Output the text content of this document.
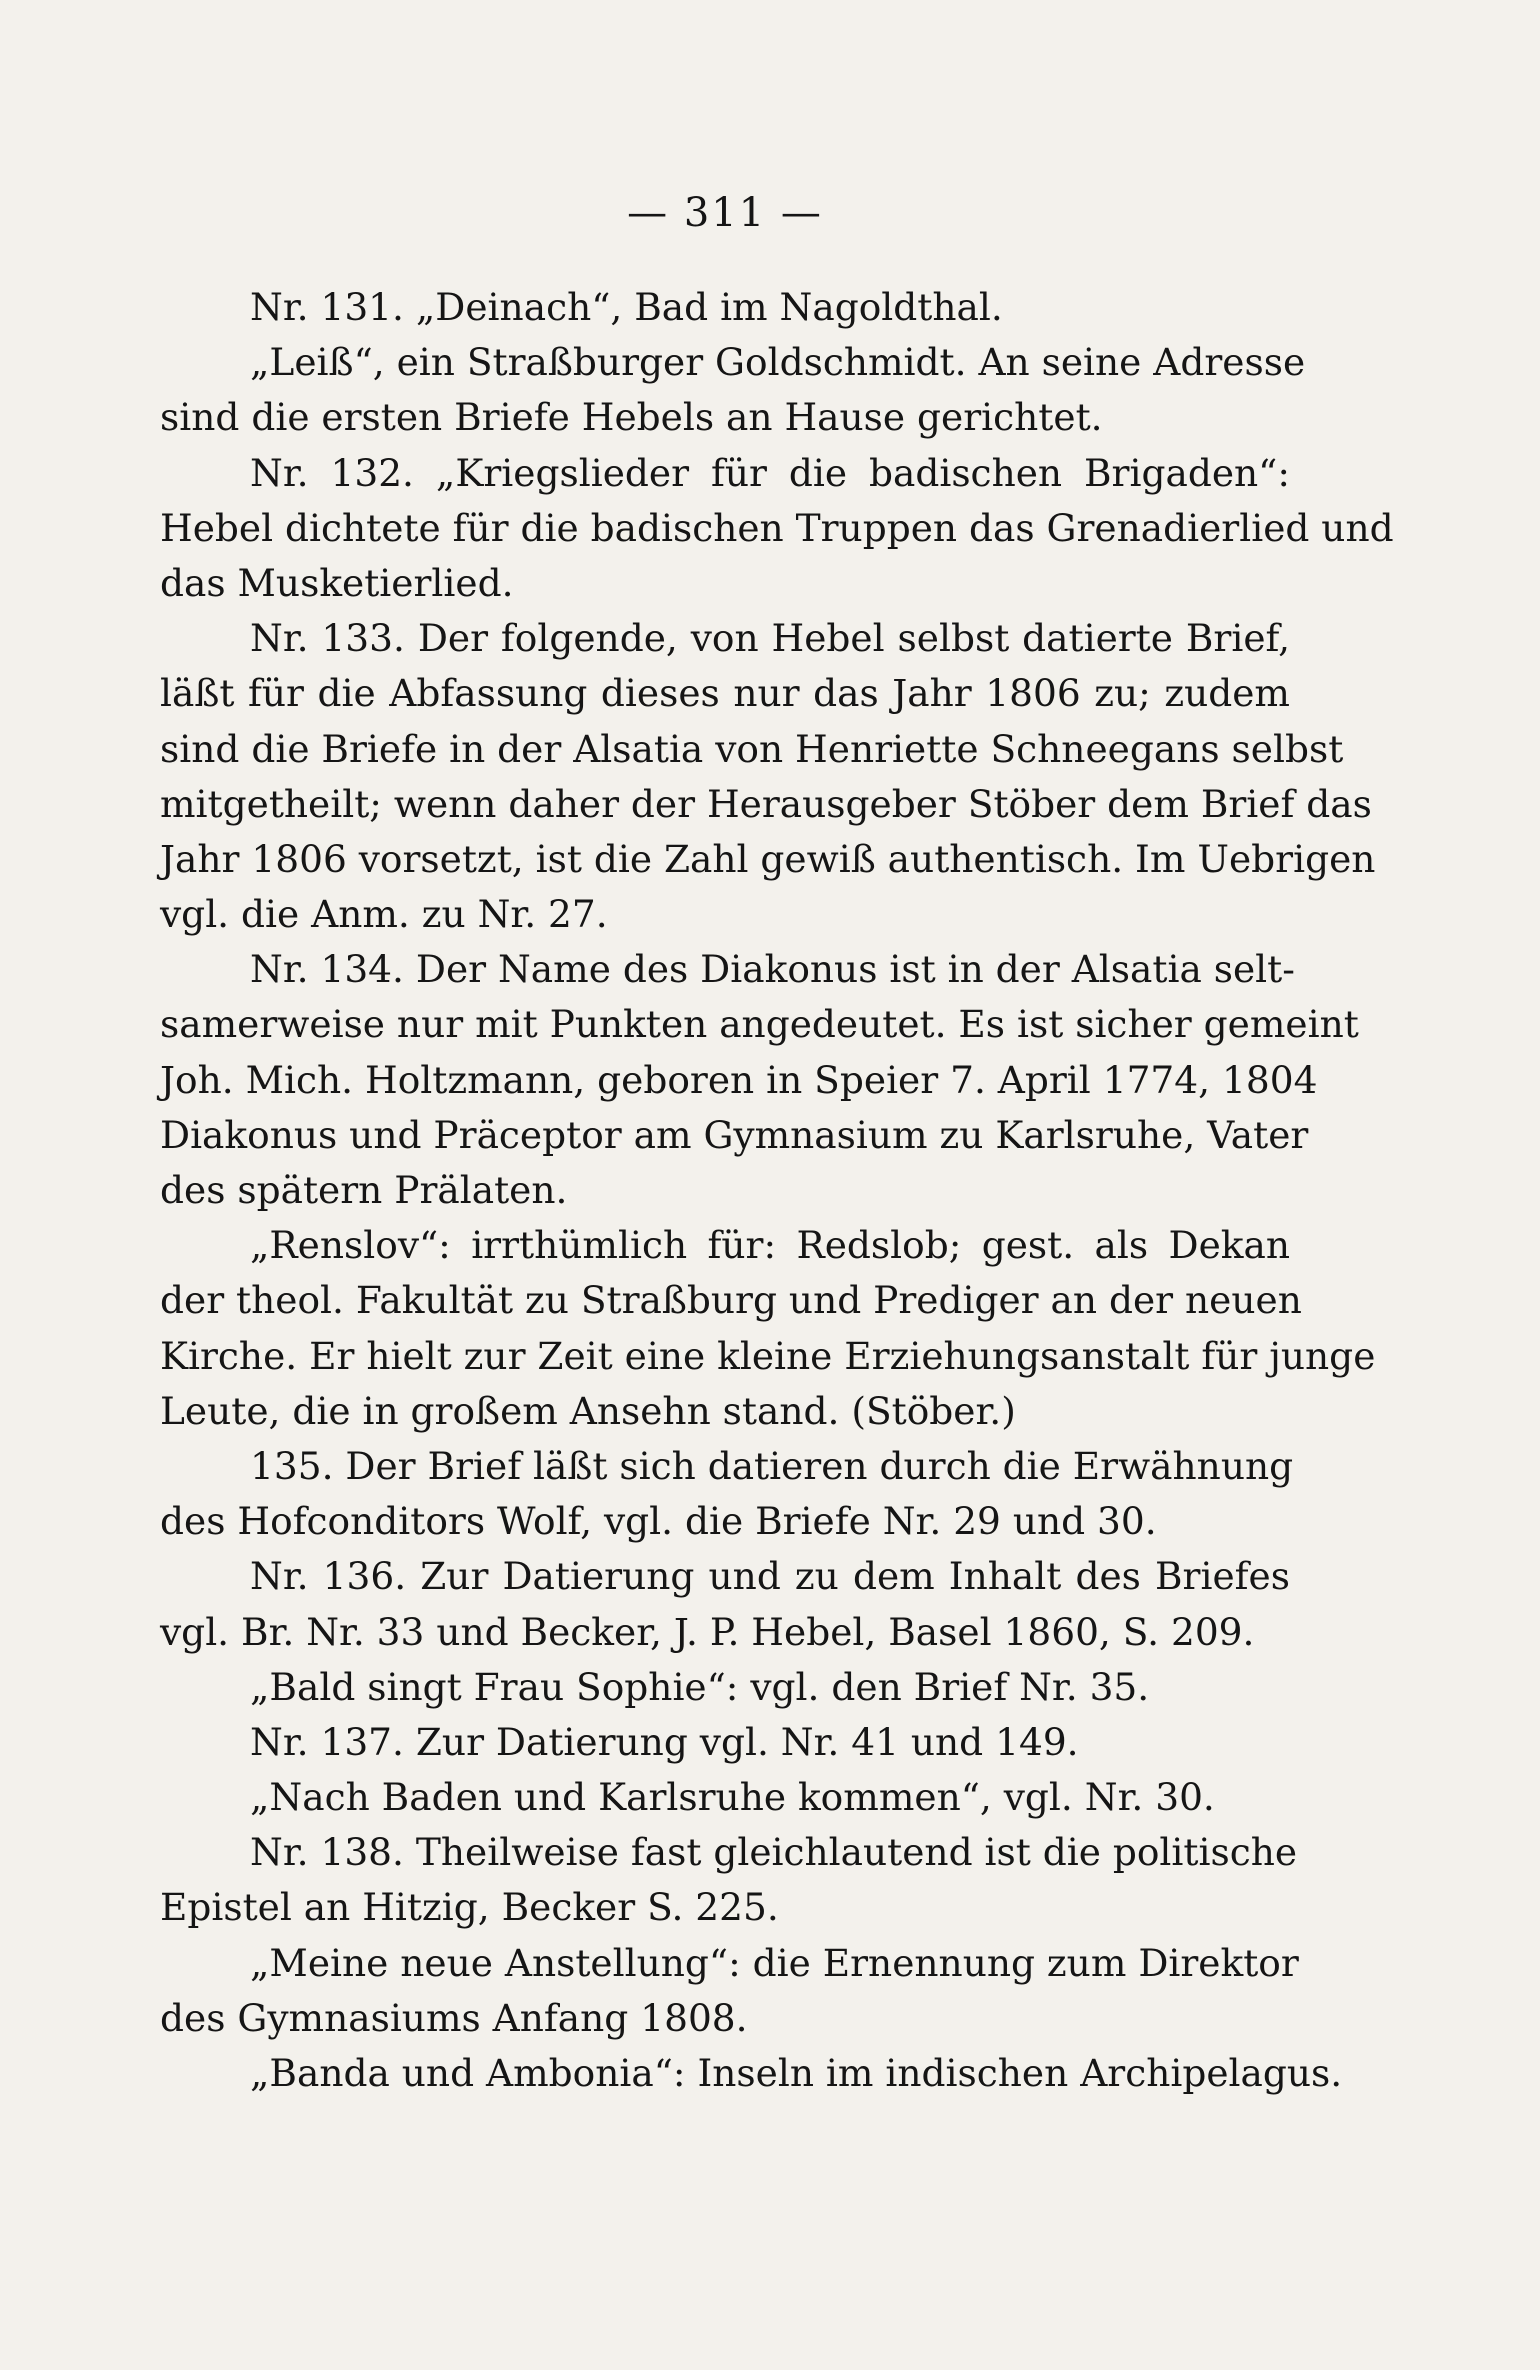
— 311 —
Nr. 131. „Deinach“, Bad im Nagoldthal.
„Leiß“, ein Straßburger Goldschmidt. An seine Adresse
sind die ersten Briefe Hebels an Hause gerichtet.
Nr. 132. „Kriegslieder für die badischen Brigaden“:
Hebel dichtete für die badischen Truppen das Grenadierlied und
das Musketierlied.
Nr. 133. Der folgende, von Hebel selbst datierte Brief,
läßt für die Abfassung dieses nur das Jahr 1806 zu; zudem
sind die Briefe in der Alsatia von Henriette Schneegans selbst
mitgetheilt; wenn daher der Herausgeber Stöber dem Brief das
Jahr 1806 vorsetzt, ist die Zahl gewiß authentisch. Im Uebrigen
vgl. die Anm. zu Nr. 27.
Nr. 134. Der Name des Diakonus ist in der Alsatia selt-
samerweise nur mit Punkten angedeutet. Es ist sicher gemeint
Joh. Mich. Holtzmann, geboren in Speier 7. April 1774, 1804
Diakonus und Präceptor am Gymnasium zu Karlsruhe, Vater
des spätern Prälaten.
„Renslov“: irrthümlich für: Redslob; gest. als Dekan
der theol. Fakultät zu Straßburg und Prediger an der neuen
Kirche. Er hielt zur Zeit eine kleine Erziehungsanstalt für junge
Leute, die in großem Ansehn stand. (Stöber.)
135. Der Brief läßt sich datieren durch die Erwähnung
des Hofconditors Wolf, vgl. die Briefe Nr. 29 und 30.
Nr. 136. Zur Datierung und zu dem Inhalt des Briefes
vgl. Br. Nr. 33 und Becker, J. P. Hebel, Basel 1860, S. 209.
„Bald singt Frau Sophie“: vgl. den Brief Nr. 35.
Nr. 137. Zur Datierung vgl. Nr. 41 und 149.
„Nach Baden und Karlsruhe kommen“, vgl. Nr. 30.
Nr. 138. Theilweise fast gleichlautend ist die politische
Epistel an Hitzig, Becker S. 225.
„Meine neue Anstellung“: die Ernennung zum Direktor
des Gymnasiums Anfang 1808.
„Banda und Ambonia“: Inseln im indischen Archipelagus.
